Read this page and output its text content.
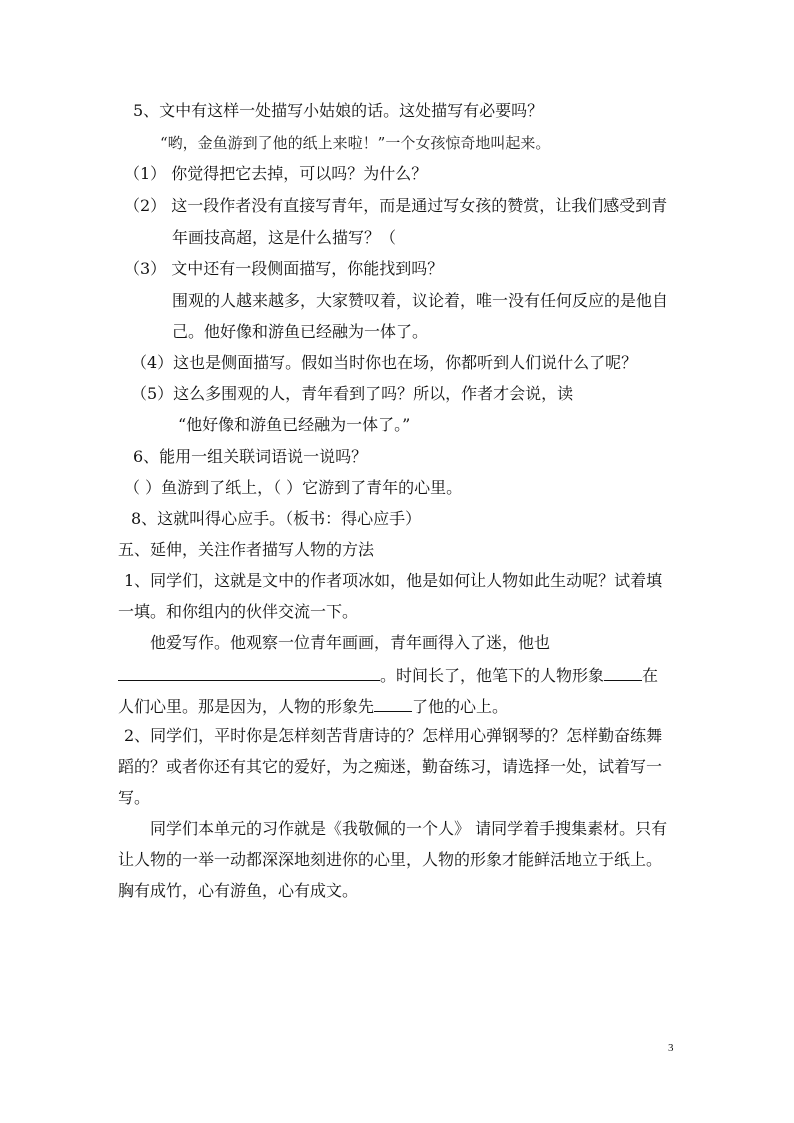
5、文中有这样一处描写小姑娘的话。这处描写有必要吗？
“哟，金鱼游到了他的纸上来啦！”一个女孩惊奇地叫起来。
（1） 你觉得把它去掉，可以吗？为什么？
（2） 这一段作者没有直接写青年，而是通过写女孩的赞赏，让我们感受到青
年画技高超，这是什么描写？（
（3） 文中还有一段侧面描写，你能找到吗？
围观的人越来越多，大家赞叹着，议论着，唯一没有任何反应的是他自
己。他好像和游鱼已经融为一体了。
（4）这也是侧面描写。假如当时你也在场，你都听到人们说什么了呢？
（5）这么多围观的人，青年看到了吗？所以，作者才会说，读
“他好像和游鱼已经融为一体了。”
6、能用一组关联词语说一说吗？
（ ）鱼游到了纸上，（ ）它游到了青年的心里。
8、这就叫得心应手。（板书：得心应手）
五、延伸，关注作者描写人物的方法
1、同学们，这就是文中的作者项冰如，他是如何让人物如此生动呢？试着填
一填。和你组内的伙伴交流一下。
他爱写作。他观察一位青年画画，青年画得入了迷，他也
。时间长了，他笔下的人物形象 在
人们心里。那是因为，人物的形象先 了他的心上。
2、同学们，平时你是怎样刻苦背唐诗的？怎样用心弹钢琴的？怎样勤奋练舞
蹈的？或者你还有其它的爱好，为之痴迷，勤奋练习，请选择一处，试着写一
写。
同学们本单元的习作就是《我敬佩的一个人》 请同学着手搜集素材。只有
让人物的一举一动都深深地刻进你的心里，人物的形象才能鲜活地立于纸上。
胸有成竹，心有游鱼，心有成文。
3
